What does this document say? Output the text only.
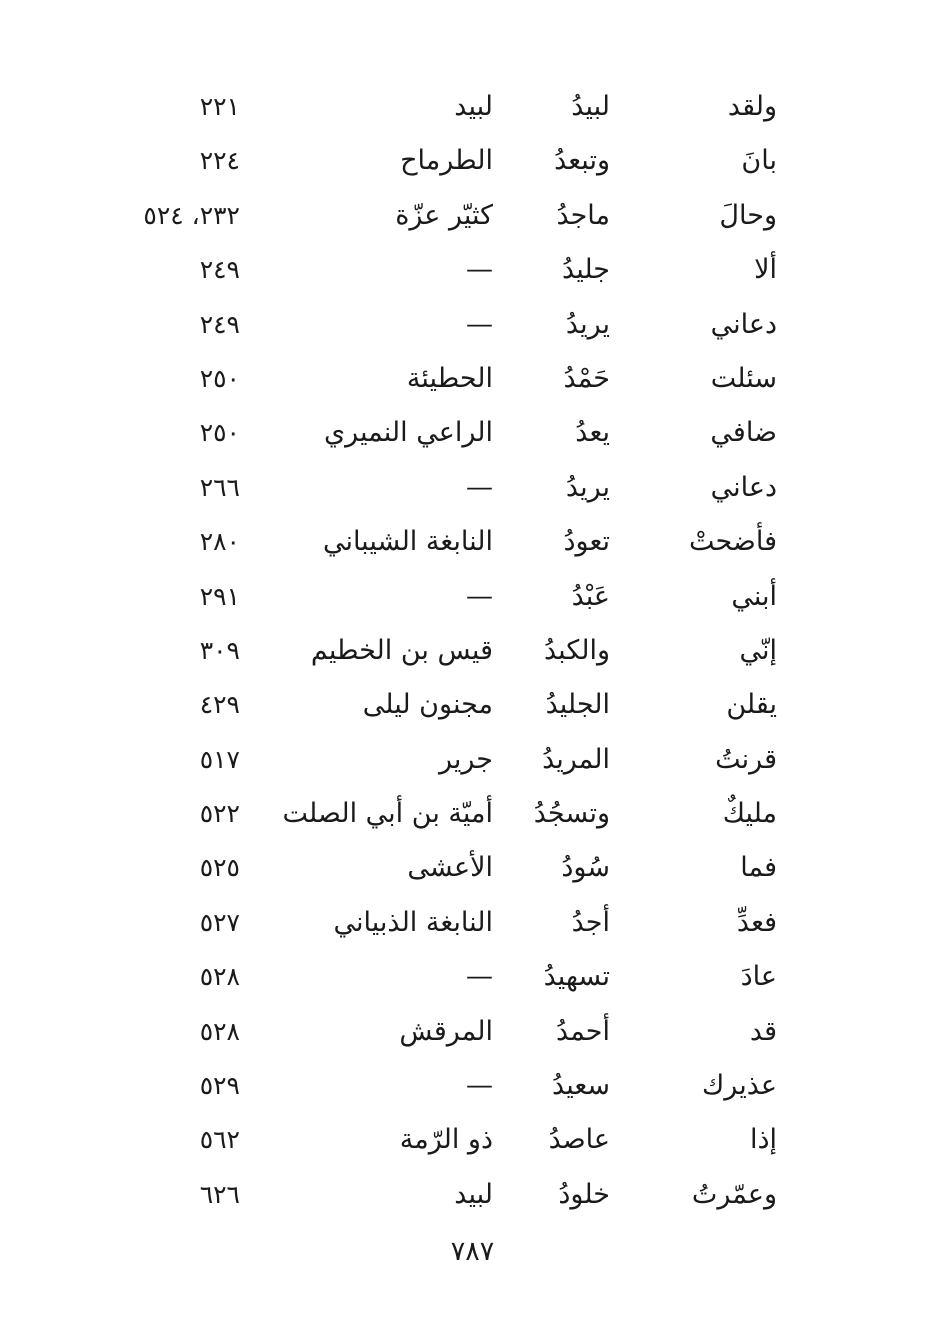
ولقد
لبيدُ
لبيد
٢٢١
بانَ
وتبعدُ
الطرماح
٢٢٤
وحالَ
ماجدُ
كثيّر عزّة
٢٣٢، ٥٢٤
ألا
جليدُ
—
٢٤٩
دعاني
يريدُ
—
٢٤٩
سئلت
حَمْدُ
الحطيئة
٢٥٠
ضافي
يعدُ
الراعي النميري
٢٥٠
دعاني
يريدُ
—
٢٦٦
فأضحتْ
تعودُ
النابغة الشيباني
٢٨٠
أبني
عَبْدُ
—
٢٩١
إنّي
والكبدُ
قيس بن الخطيم
٣٠٩
يقلن
الجليدُ
مجنون ليلى
٤٢٩
قرنتُ
المريدُ
جرير
٥١٧
مليكٌ
وتسجُدُ
أميّة بن أبي الصلت
٥٢٢
فما
سُودُ
الأعشى
٥٢٥
فعدِّ
أجدُ
النابغة الذبياني
٥٢٧
عادَ
تسهيدُ
—
٥٢٨
قد
أحمدُ
المرقش
٥٢٨
عذيرك
سعيدُ
—
٥٢٩
إذا
عاصدُ
ذو الرّمة
٥٦٢
وعمّرتُ
خلودُ
لبيد
٦٢٦
٧٨٧
